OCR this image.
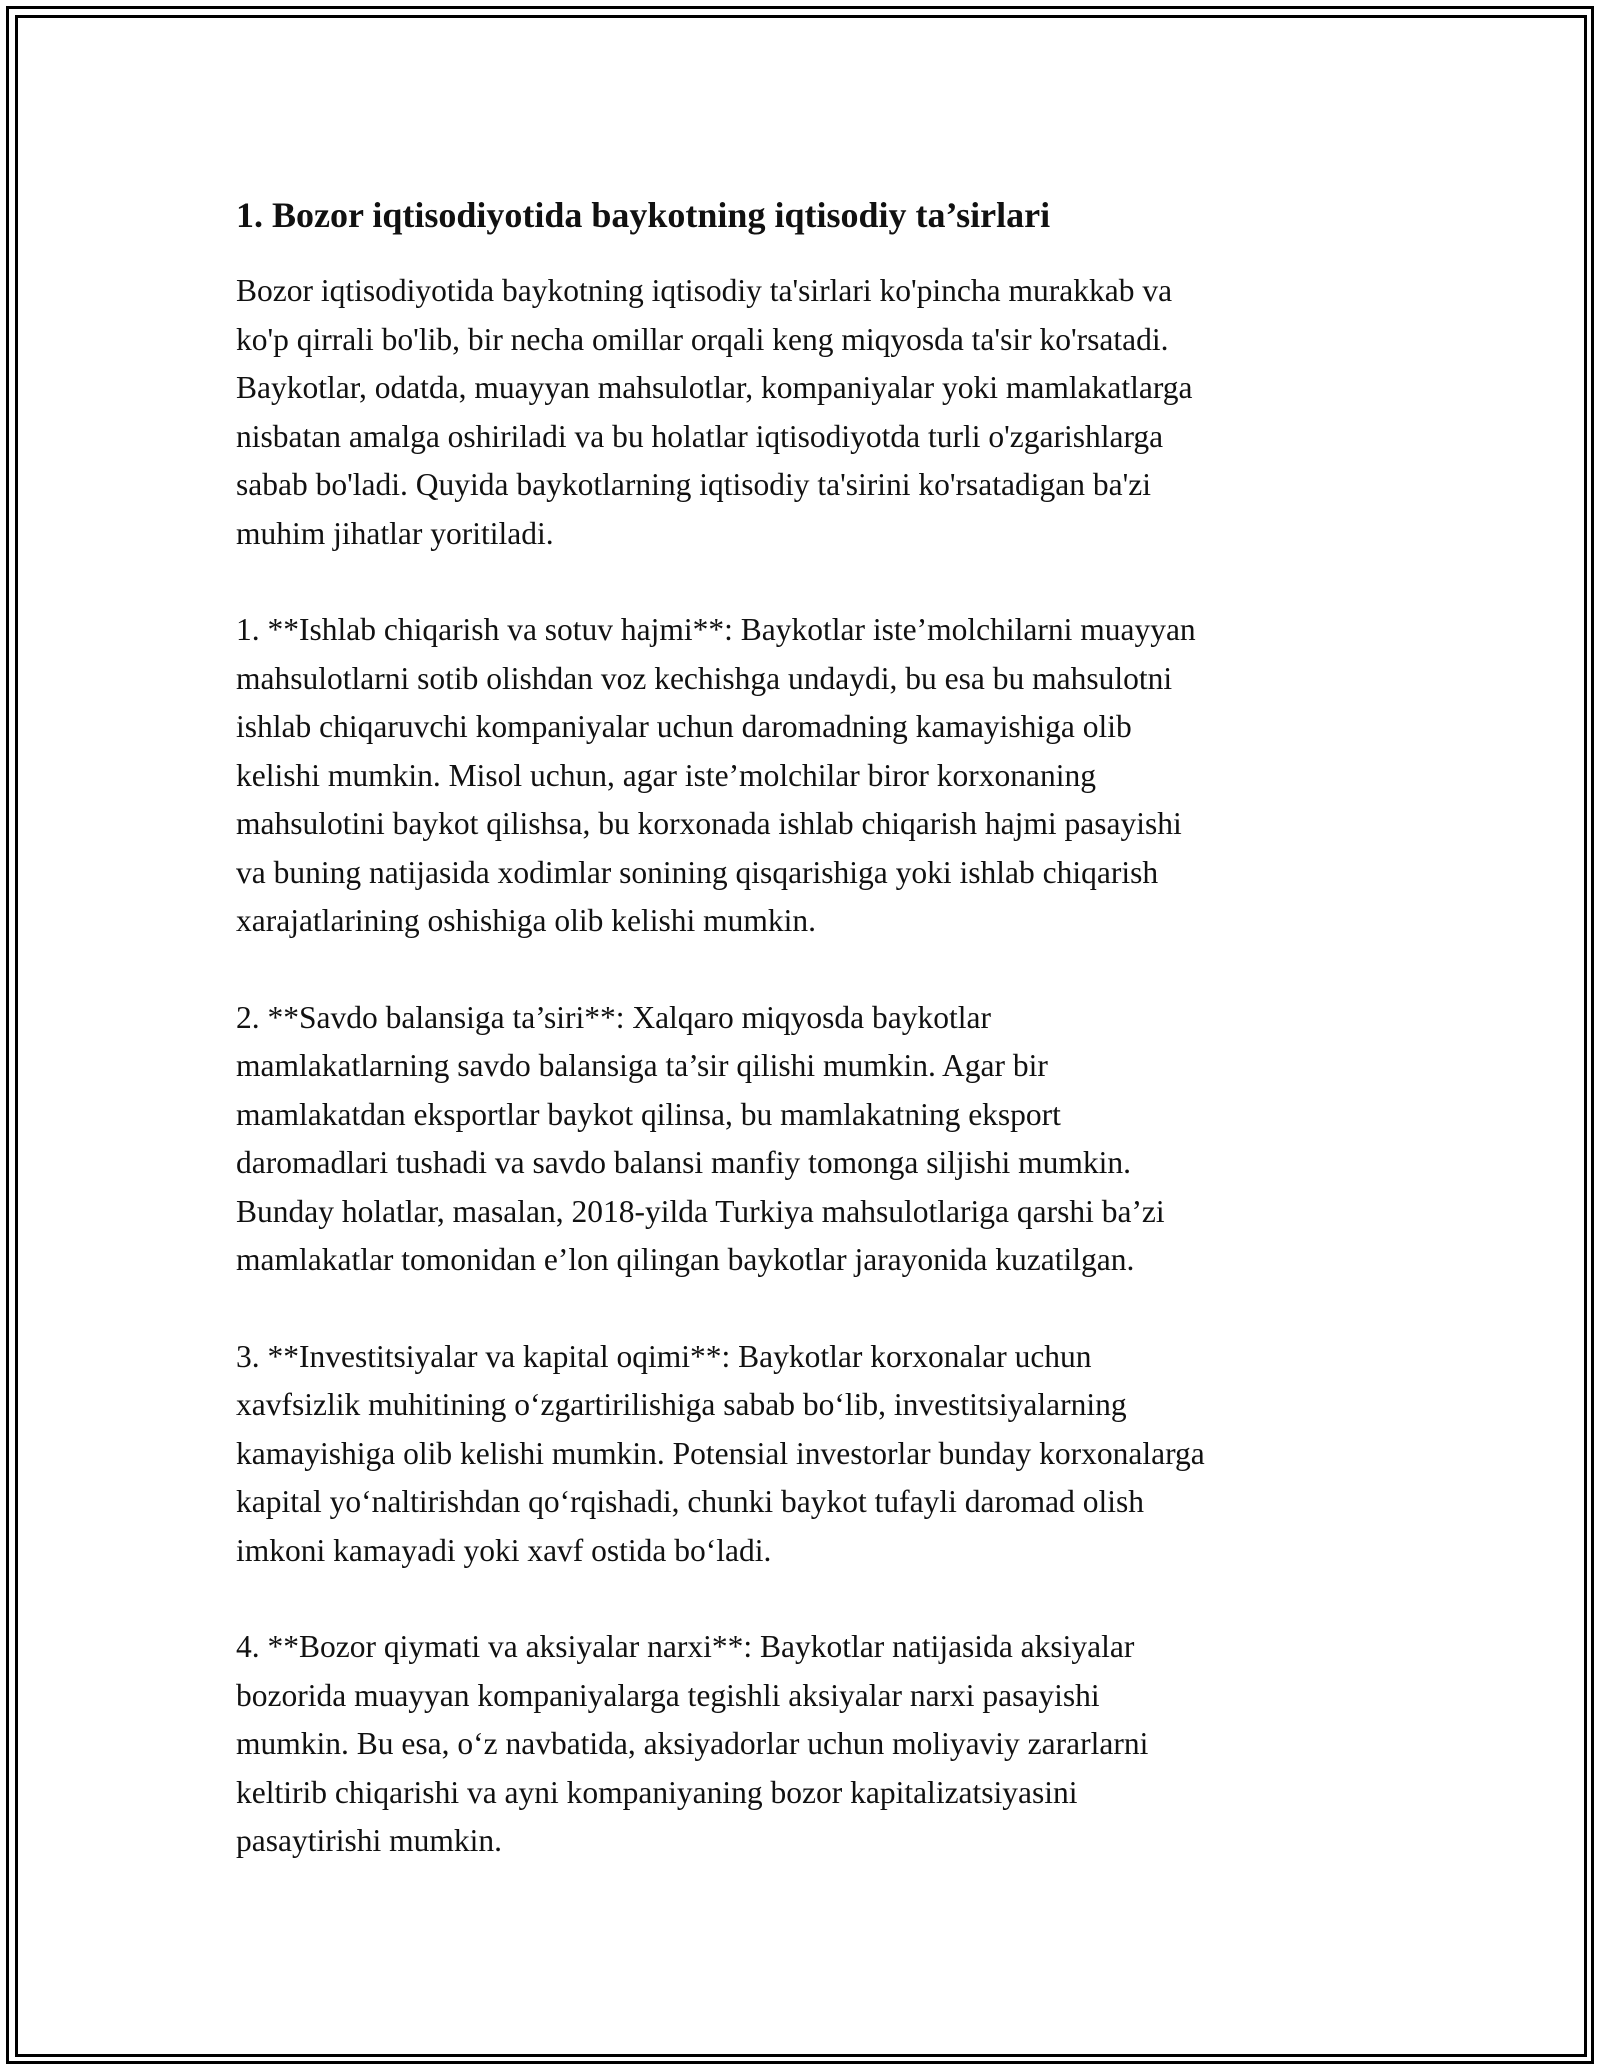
1. Bozor iqtisodiyotida baykotning iqtisodiy ta’sirlari

Bozor iqtisodiyotida baykotning iqtisodiy ta'sirlari ko'pincha murakkab va
ko'p qirrali bo'lib, bir necha omillar orqali keng miqyosda ta'sir ko'rsatadi.
Baykotlar, odatda, muayyan mahsulotlar, kompaniyalar yoki mamlakatlarga
nisbatan amalga oshiriladi va bu holatlar iqtisodiyotda turli o'zgarishlarga
sabab bo'ladi. Quyida baykotlarning iqtisodiy ta'sirini ko'rsatadigan ba'zi
muhim jihatlar yoritiladi.

1. **Ishlab chiqarish va sotuv hajmi**: Baykotlar iste’molchilarni muayyan
mahsulotlarni sotib olishdan voz kechishga undaydi, bu esa bu mahsulotni
ishlab chiqaruvchi kompaniyalar uchun daromadning kamayishiga olib
kelishi mumkin. Misol uchun, agar iste’molchilar biror korxonaning
mahsulotini baykot qilishsa, bu korxonada ishlab chiqarish hajmi pasayishi
va buning natijasida xodimlar sonining qisqarishiga yoki ishlab chiqarish
xarajatlarining oshishiga olib kelishi mumkin.

2. **Savdo balansiga ta’siri**: Xalqaro miqyosda baykotlar
mamlakatlarning savdo balansiga ta’sir qilishi mumkin. Agar bir
mamlakatdan eksportlar baykot qilinsa, bu mamlakatning eksport
daromadlari tushadi va savdo balansi manfiy tomonga siljishi mumkin.
Bunday holatlar, masalan, 2018-yilda Turkiya mahsulotlariga qarshi ba’zi
mamlakatlar tomonidan e’lon qilingan baykotlar jarayonida kuzatilgan.

3. **Investitsiyalar va kapital oqimi**: Baykotlar korxonalar uchun
xavfsizlik muhitining o‘zgartirilishiga sabab bo‘lib, investitsiyalarning
kamayishiga olib kelishi mumkin. Potensial investorlar bunday korxonalarga
kapital yo‘naltirishdan qo‘rqishadi, chunki baykot tufayli daromad olish
imkoni kamayadi yoki xavf ostida bo‘ladi.

4. **Bozor qiymati va aksiyalar narxi**: Baykotlar natijasida aksiyalar
bozorida muayyan kompaniyalarga tegishli aksiyalar narxi pasayishi
mumkin. Bu esa, o‘z navbatida, aksiyadorlar uchun moliyaviy zararlarni
keltirib chiqarishi va ayni kompaniyaning bozor kapitalizatsiyasini
pasaytirishi mumkin.
